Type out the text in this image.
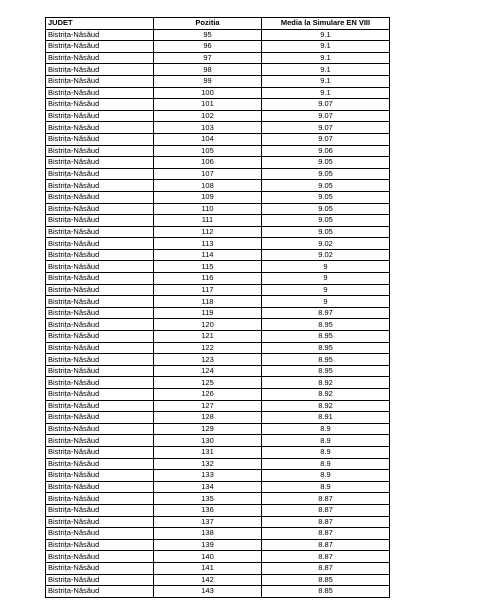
JUDET	Pozitia	Media la Simulare EN VIII
Bistrița-Năsăud	95	9.1
Bistrița-Năsăud	96	9.1
Bistrița-Năsăud	97	9.1
Bistrița-Năsăud	98	9.1
Bistrița-Năsăud	99	9.1
Bistrița-Năsăud	100	9.1
Bistrița-Năsăud	101	9.07
Bistrița-Năsăud	102	9.07
Bistrița-Năsăud	103	9.07
Bistrița-Năsăud	104	9.07
Bistrița-Năsăud	105	9.06
Bistrița-Năsăud	106	9.05
Bistrița-Năsăud	107	9.05
Bistrița-Năsăud	108	9.05
Bistrița-Năsăud	109	9.05
Bistrița-Năsăud	110	9.05
Bistrița-Năsăud	111	9.05
Bistrița-Năsăud	112	9.05
Bistrița-Năsăud	113	9.02
Bistrița-Năsăud	114	9.02
Bistrița-Năsăud	115	9
Bistrița-Năsăud	116	9
Bistrița-Năsăud	117	9
Bistrița-Năsăud	118	9
Bistrița-Năsăud	119	8.97
Bistrița-Năsăud	120	8.95
Bistrița-Năsăud	121	8.95
Bistrița-Năsăud	122	8.95
Bistrița-Năsăud	123	8.95
Bistrița-Năsăud	124	8.95
Bistrița-Năsăud	125	8.92
Bistrița-Năsăud	126	8.92
Bistrița-Năsăud	127	8.92
Bistrița-Năsăud	128	8.91
Bistrița-Năsăud	129	8.9
Bistrița-Năsăud	130	8.9
Bistrița-Năsăud	131	8.9
Bistrița-Năsăud	132	8.9
Bistrița-Năsăud	133	8.9
Bistrița-Năsăud	134	8.9
Bistrița-Năsăud	135	8.87
Bistrița-Năsăud	136	8.87
Bistrița-Năsăud	137	8.87
Bistrița-Năsăud	138	8.87
Bistrița-Năsăud	139	8.87
Bistrița-Năsăud	140	8.87
Bistrița-Năsăud	141	8.87
Bistrița-Năsăud	142	8.85
Bistrița-Năsăud	143	8.85
